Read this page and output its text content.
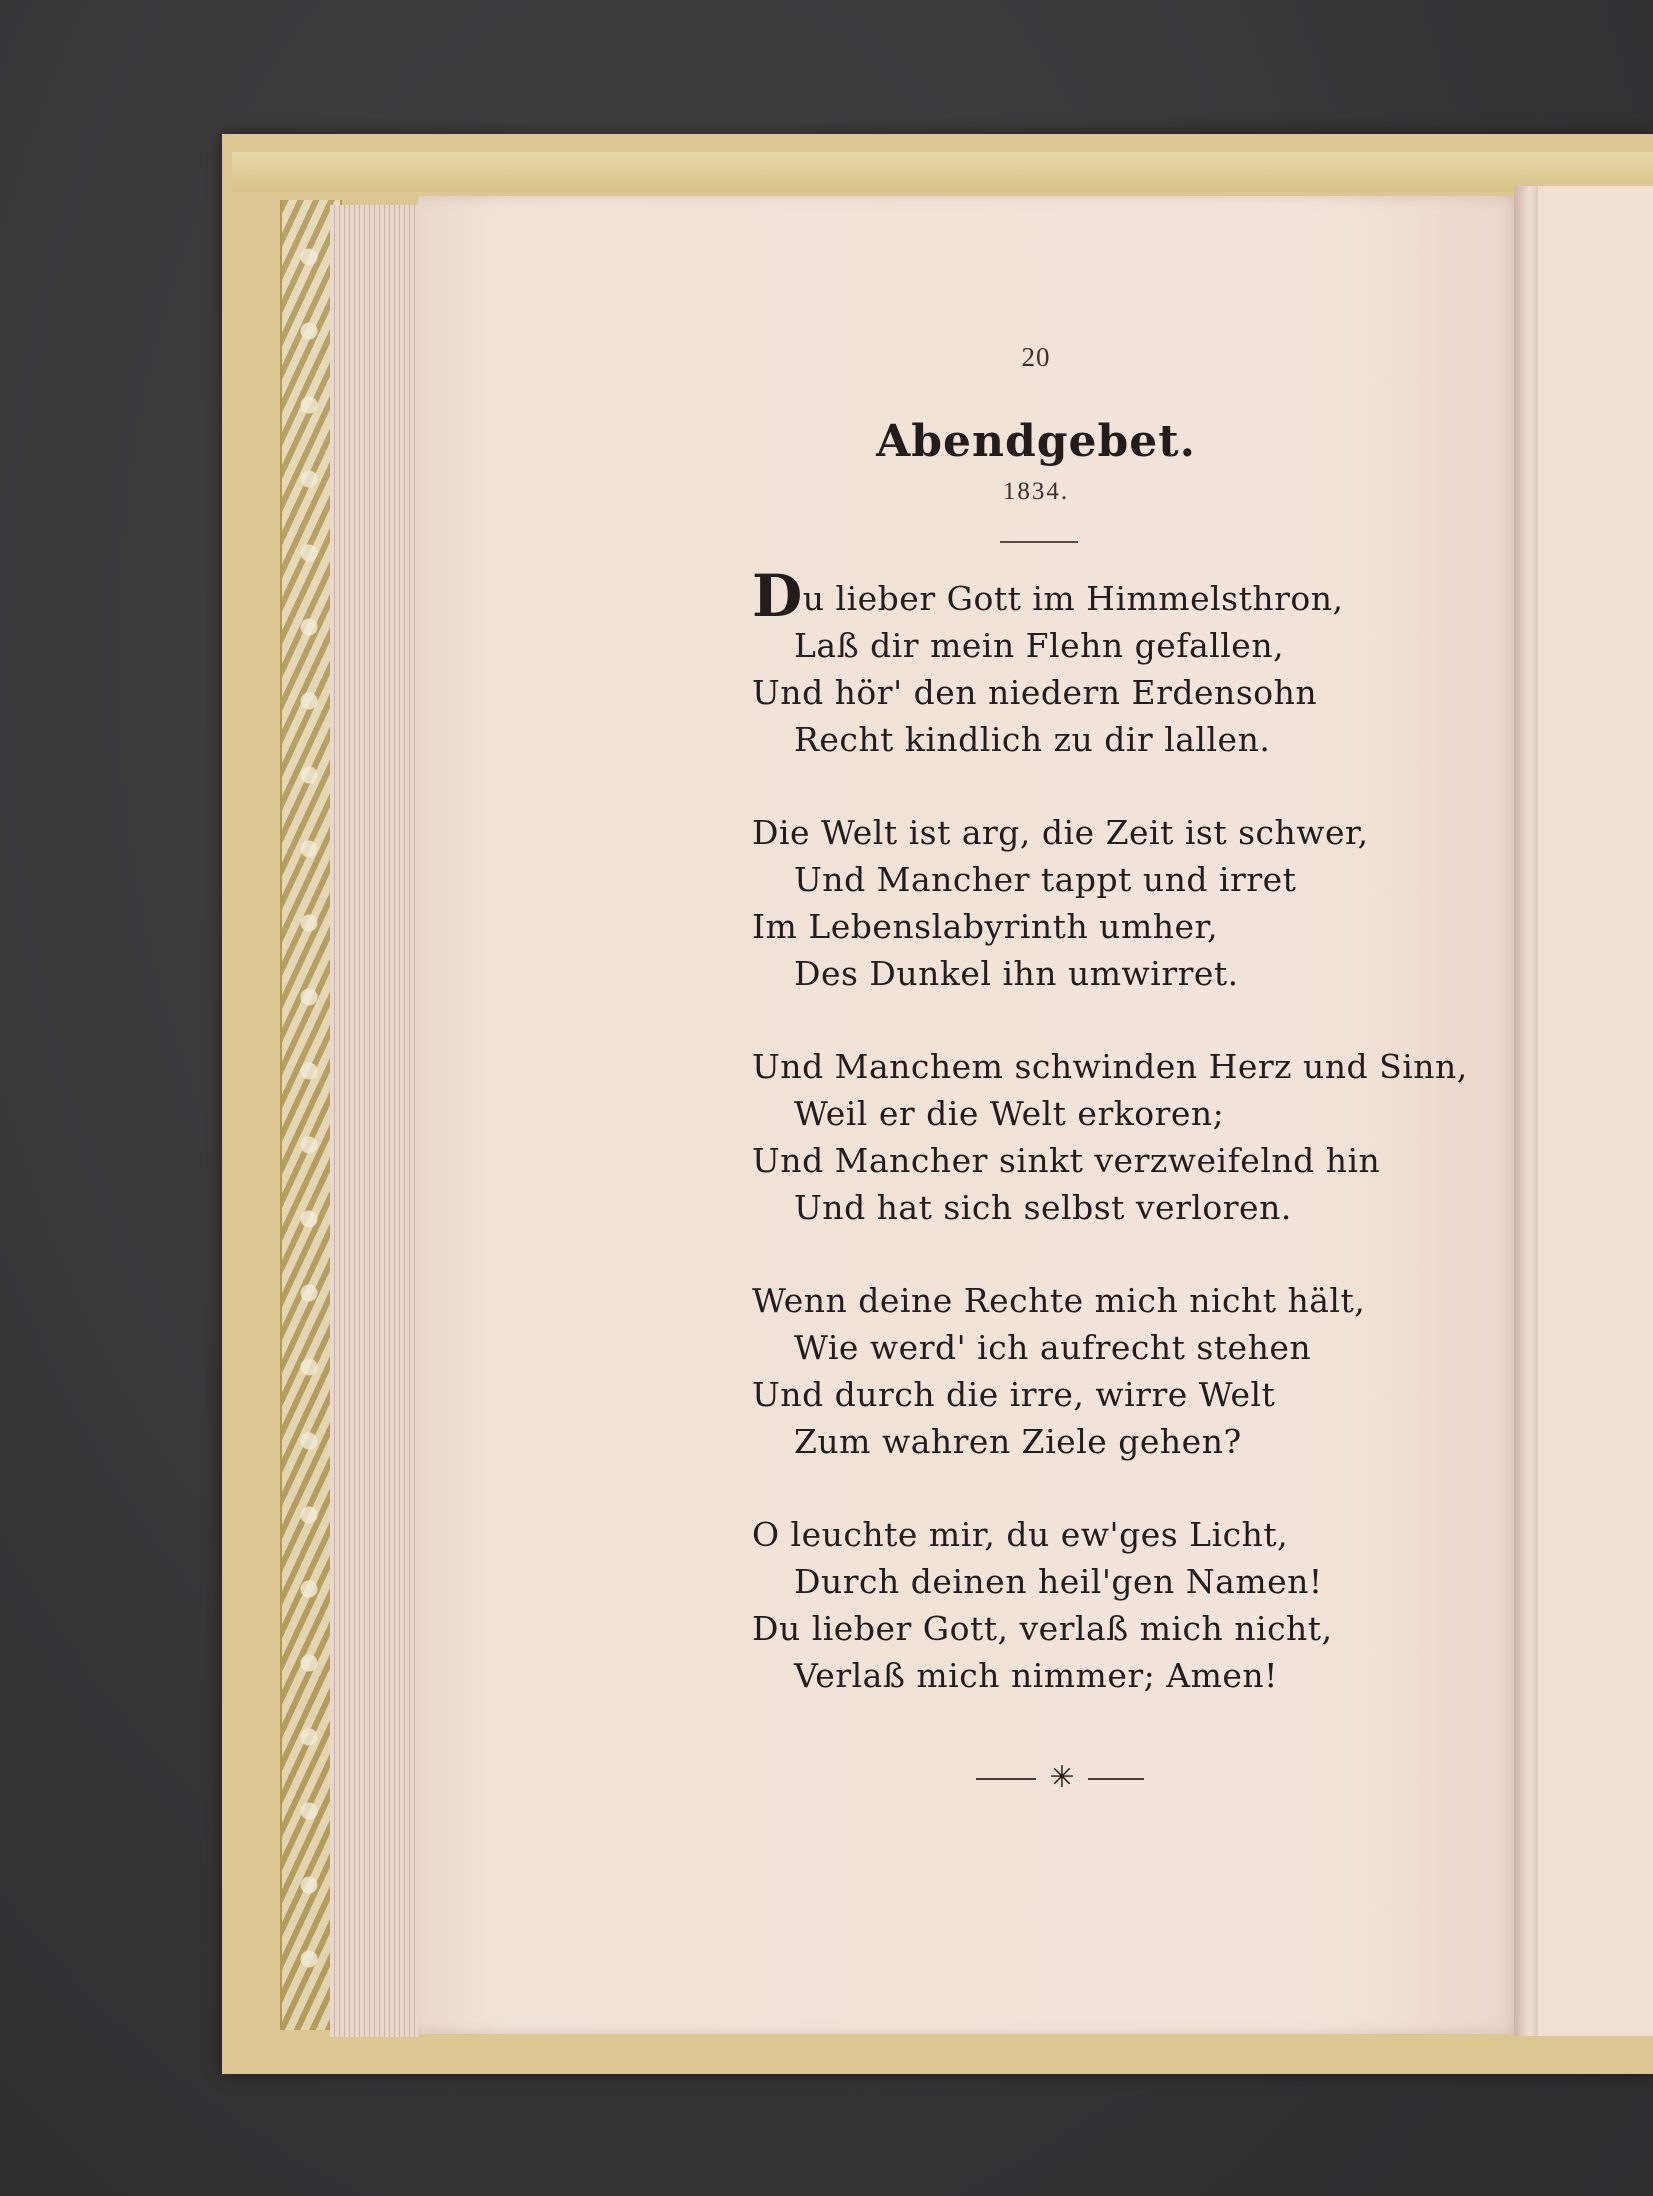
20
Abendgebet.
1834.
Du lieber Gott im Himmelsthron,
Laß dir mein Flehn gefallen,
Und hör' den niedern Erdensohn
Recht kindlich zu dir lallen.
Die Welt ist arg, die Zeit ist schwer,
Und Mancher tappt und irret
Im Lebenslabyrinth umher,
Des Dunkel ihn umwirret.
Und Manchem schwinden Herz und Sinn,
Weil er die Welt erkoren;
Und Mancher sinkt verzweifelnd hin
Und hat sich selbst verloren.
Wenn deine Rechte mich nicht hält,
Wie werd' ich aufrecht stehen
Und durch die irre, wirre Welt
Zum wahren Ziele gehen?
O leuchte mir, du ew'ges Licht,
Durch deinen heil'gen Namen!
Du lieber Gott, verlaß mich nicht,
Verlaß mich nimmer; Amen!
✳
